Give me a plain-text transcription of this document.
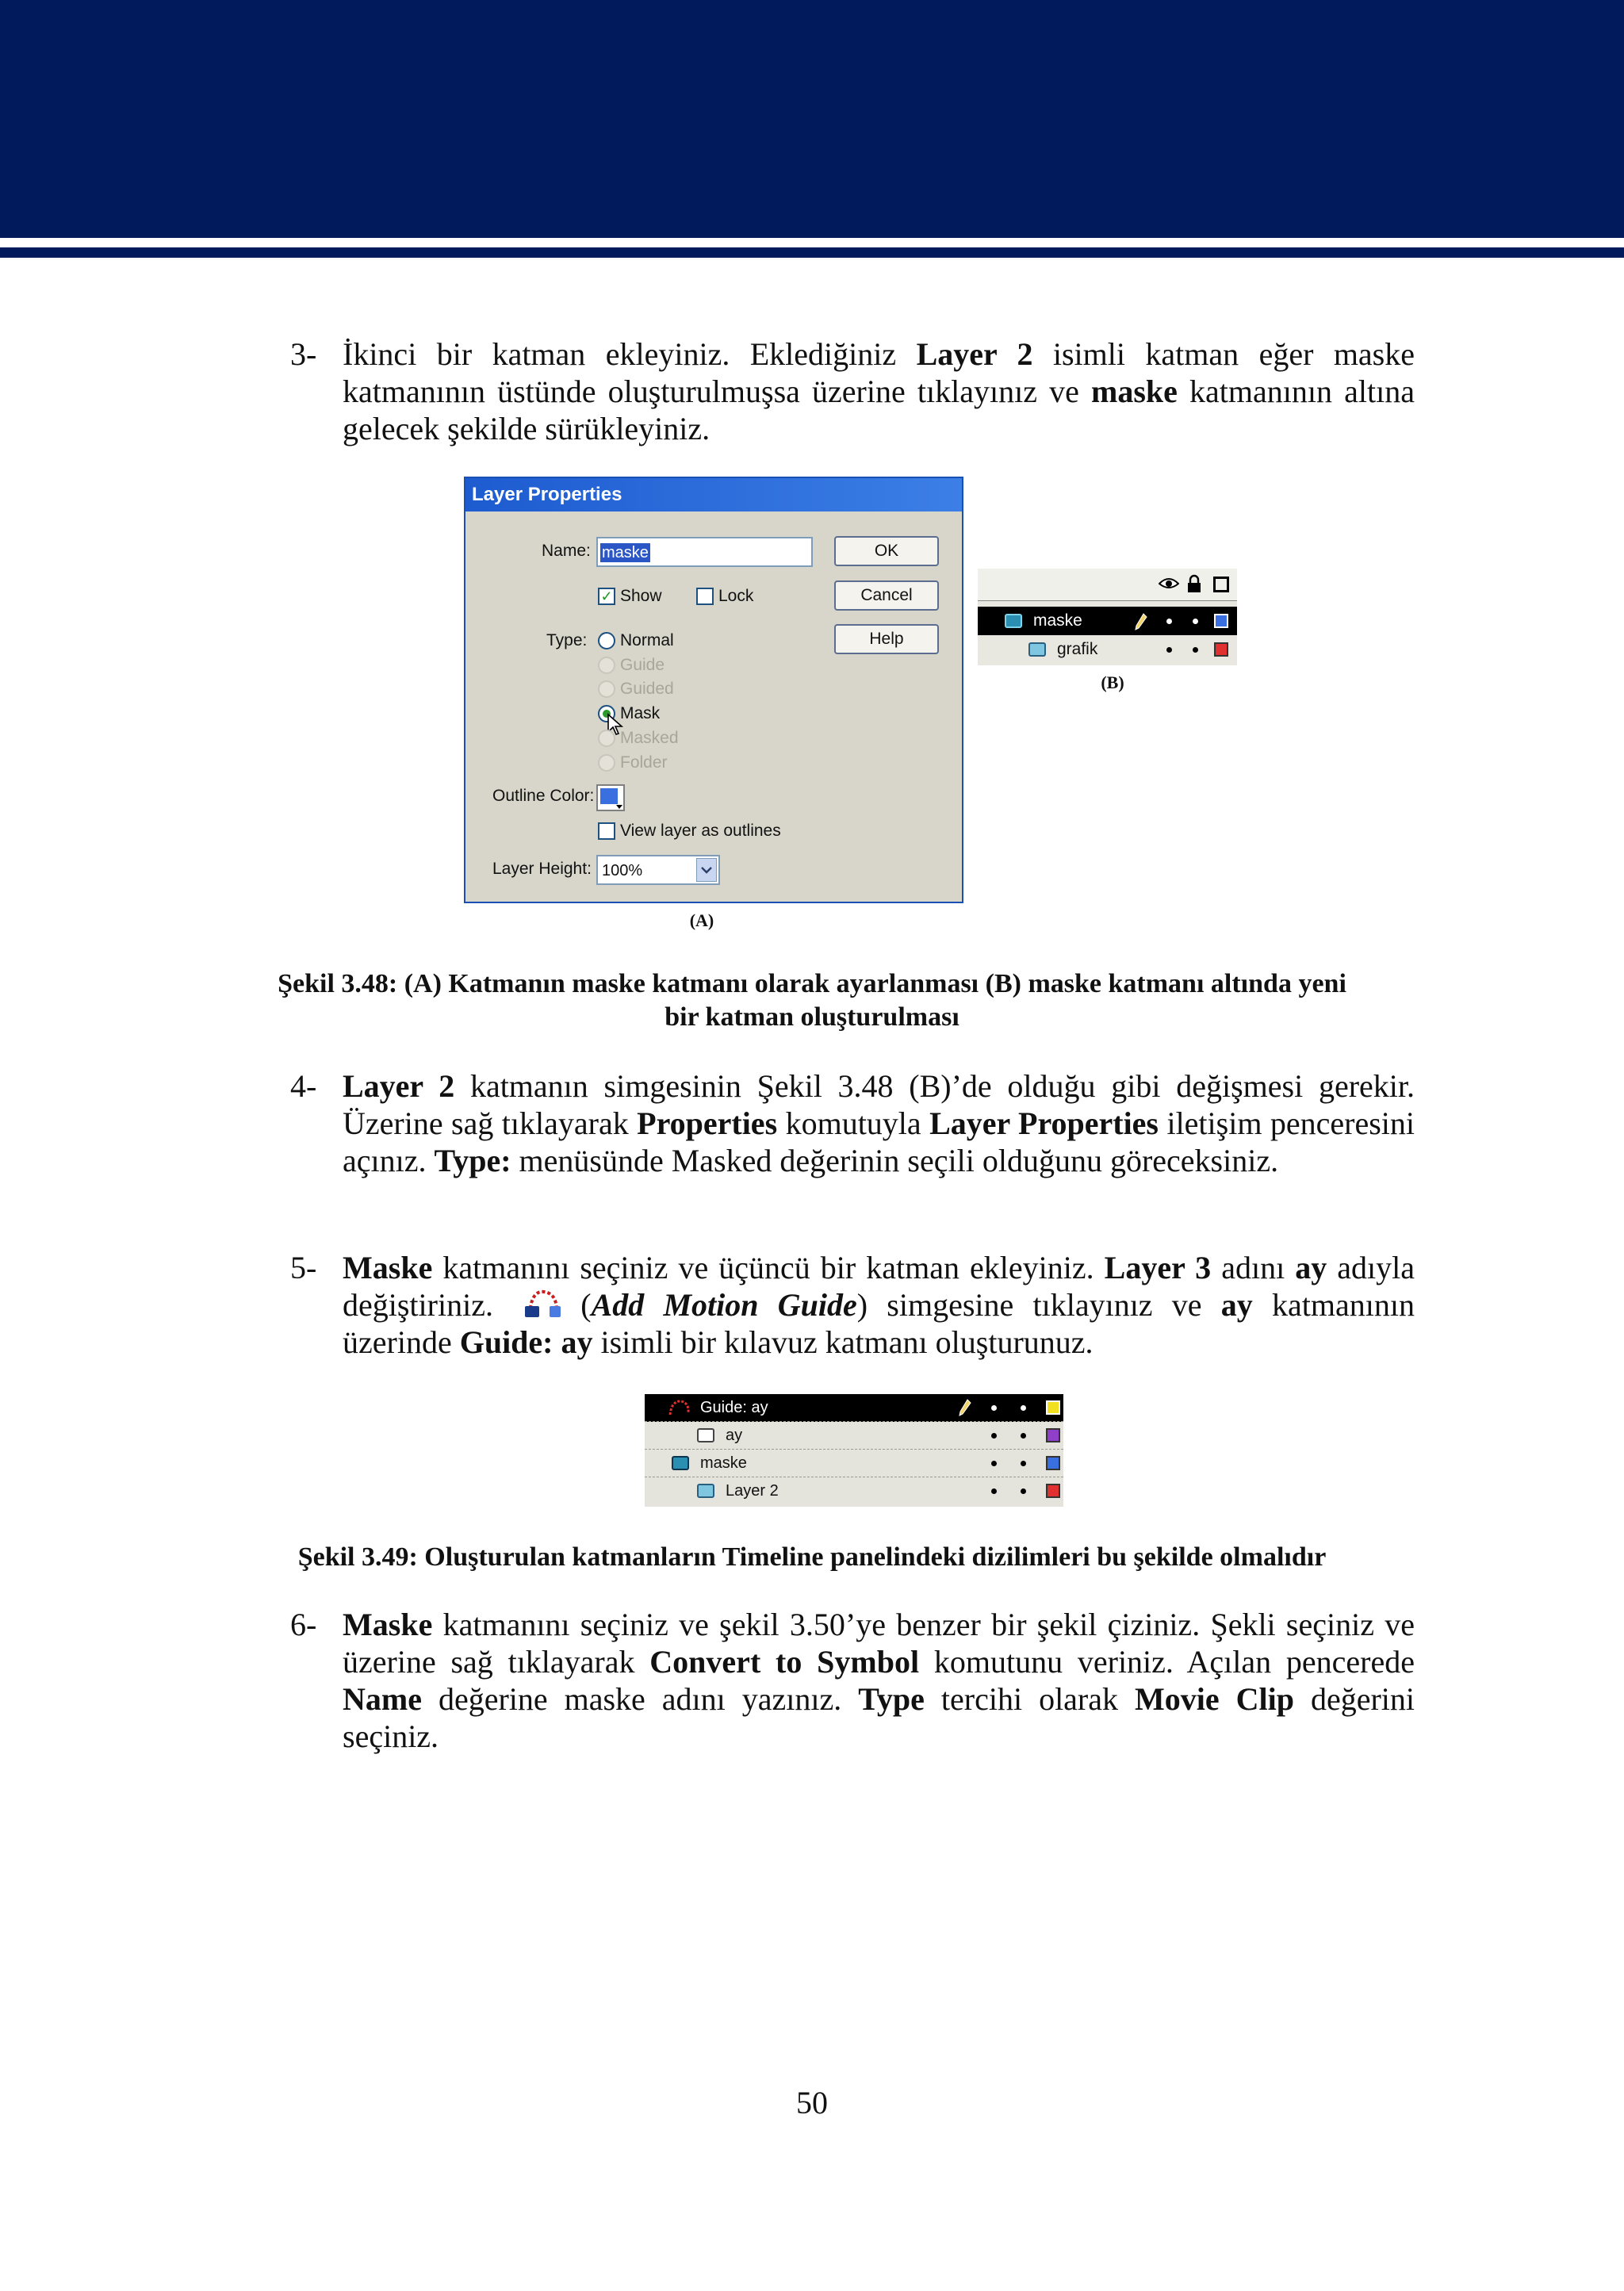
3- İkinci bir katman ekleyiniz. Eklediğiniz Layer 2 isimli katman eğer maske katmanının üstünde oluşturulmuşsa üzerine tıklayınız ve maske katmanının altına gelecek şekilde sürükleyiniz.
Layer Properties
Name: maske	OK
Cancel
Help
✓ Show	Lock
Type: Normal
Guide
Guided
Mask
Masked
Folder
Outline Color:
View layer as outlines
Layer Height: 100%
(A)
maske
grafik
(B)
Şekil 3.48: (A) Katmanın maske katmanı olarak ayarlanması (B) maske katmanı altında yeni
bir katman oluşturulması
4- Layer 2 katmanın simgesinin Şekil 3.48 (B)’de olduğu gibi değişmesi gerekir. Üzerine sağ tıklayarak Properties komutuyla Layer Properties iletişim penceresini açınız. Type: menüsünde Masked değerinin seçili olduğunu göreceksiniz.
5- Maske katmanını seçiniz ve üçüncü bir katman ekleyiniz. Layer 3 adını ay adıyla değiştiriniz. (Add Motion Guide) simgesine tıklayınız ve ay katmanının üzerinde Guide: ay isimli bir kılavuz katmanı oluşturunuz.
Guide: ay
ay
maske
Layer 2
Şekil 3.49: Oluşturulan katmanların Timeline panelindeki dizilimleri bu şekilde olmalıdır
6- Maske katmanını seçiniz ve şekil 3.50’ye benzer bir şekil çiziniz. Şekli seçiniz ve üzerine sağ tıklayarak Convert to Symbol komutunu veriniz. Açılan pencerede Name değerine maske adını yazınız. Type tercihi olarak Movie Clip değerini seçiniz.
50
